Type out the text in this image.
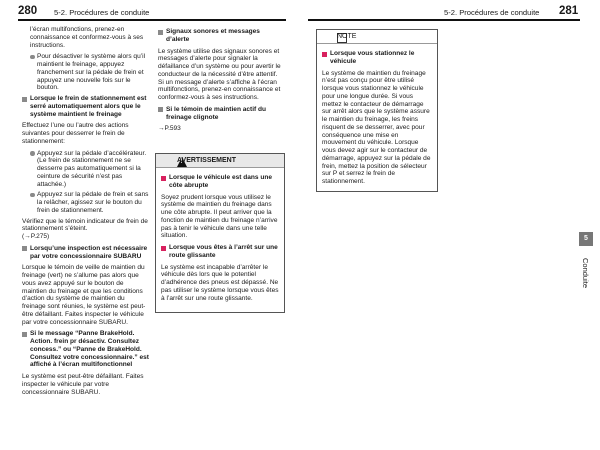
280 5-2. Procédures de conduite	5-2. Procédures de conduite 281

l’écran multifonctions, prenez-en connaissance et conformez-vous à ses instructions.

Pour désactiver le système alors qu’il maintient le freinage, appuyez franchement sur la pédale de frein et appuyez une nouvelle fois sur le bouton.
Lorsque le frein de stationnement est serré automatiquement alors que le système maintient le freinage

Effectuez l’une ou l’autre des actions suivantes pour desserrer le frein de stationnement:

Appuyez sur la pédale d’accélérateur. (Le frein de stationnement ne se desserre pas automatiquement si la ceinture de sécurité n’est pas attachée.)
Appuyez sur la pédale de frein et sans la relâcher, agissez sur le bouton du frein de stationnement.

Vérifiez que le témoin indicateur de frein de stationnement s’éteint.
(→P.275)

Lorsqu’une inspection est nécessaire par votre concessionnaire SUBARU

Lorsque le témoin de veille de maintien du freinage (vert) ne s’allume pas alors que vous avez appuyé sur le bouton de maintien du freinage et que les conditions d’action du système de maintien du freinage sont réunies, le système est peut-être défaillant. Faites inspecter le véhicule par votre concessionnaire SUBARU.

Si le message “Panne BrakeHold. Action. frein pr désactiv. Consultez concess.” ou “Panne de BrakeHold. Consultez votre concessionnaire.” est affiché à l’écran multifonctionnel

Le système est peut-être défaillant. Faites inspecter le véhicule par votre concessionnaire SUBARU.

Signaux sonores et messages d’alerte

Le système utilise des signaux sonores et messages d’alerte pour signaler la défaillance d’un système ou pour avertir le conducteur de la nécessité d’être attentif. Si un message d’alerte s’affiche à l’écran multifonctions, prenez-en connaissance et conformez-vous à ses instructions.

Si le témoin de maintien actif du freinage clignote

→P.593

!
AVERTISSEMENT
Lorsque le véhicule est dans une côte abrupte

Soyez prudent lorsque vous utilisez le système de maintien du freinage dans une côte abrupte. Il peut arriver que la fonction de maintien du freinage n’arrive pas à tenir le véhicule dans une telle situation.

Lorsque vous êtes à l’arrêt sur une route glissante

Le système est incapable d’arrêter le véhicule dès lors que le potentiel d’adhérence des pneus est dépassé. Ne pas utiliser le système lorsque vous êtes à l’arrêt sur une route glissante.

NOTE
Lorsque vous stationnez le véhicule

Le système de maintien du freinage n’est pas conçu pour être utilisé lorsque vous stationnez le véhicule pour une longue durée. Si vous mettez le contacteur de démarrage sur arrêt alors que le système assure le maintien du freinage, les freins risquent de se desserrer, avec pour conséquence une mise en mouvement du véhicule. Lorsque vous devez agir sur le contacteur de démarrage, appuyez sur la pédale de frein, mettez la position de sélecteur sur P et serrez le frein de stationnement.

5
Conduite
